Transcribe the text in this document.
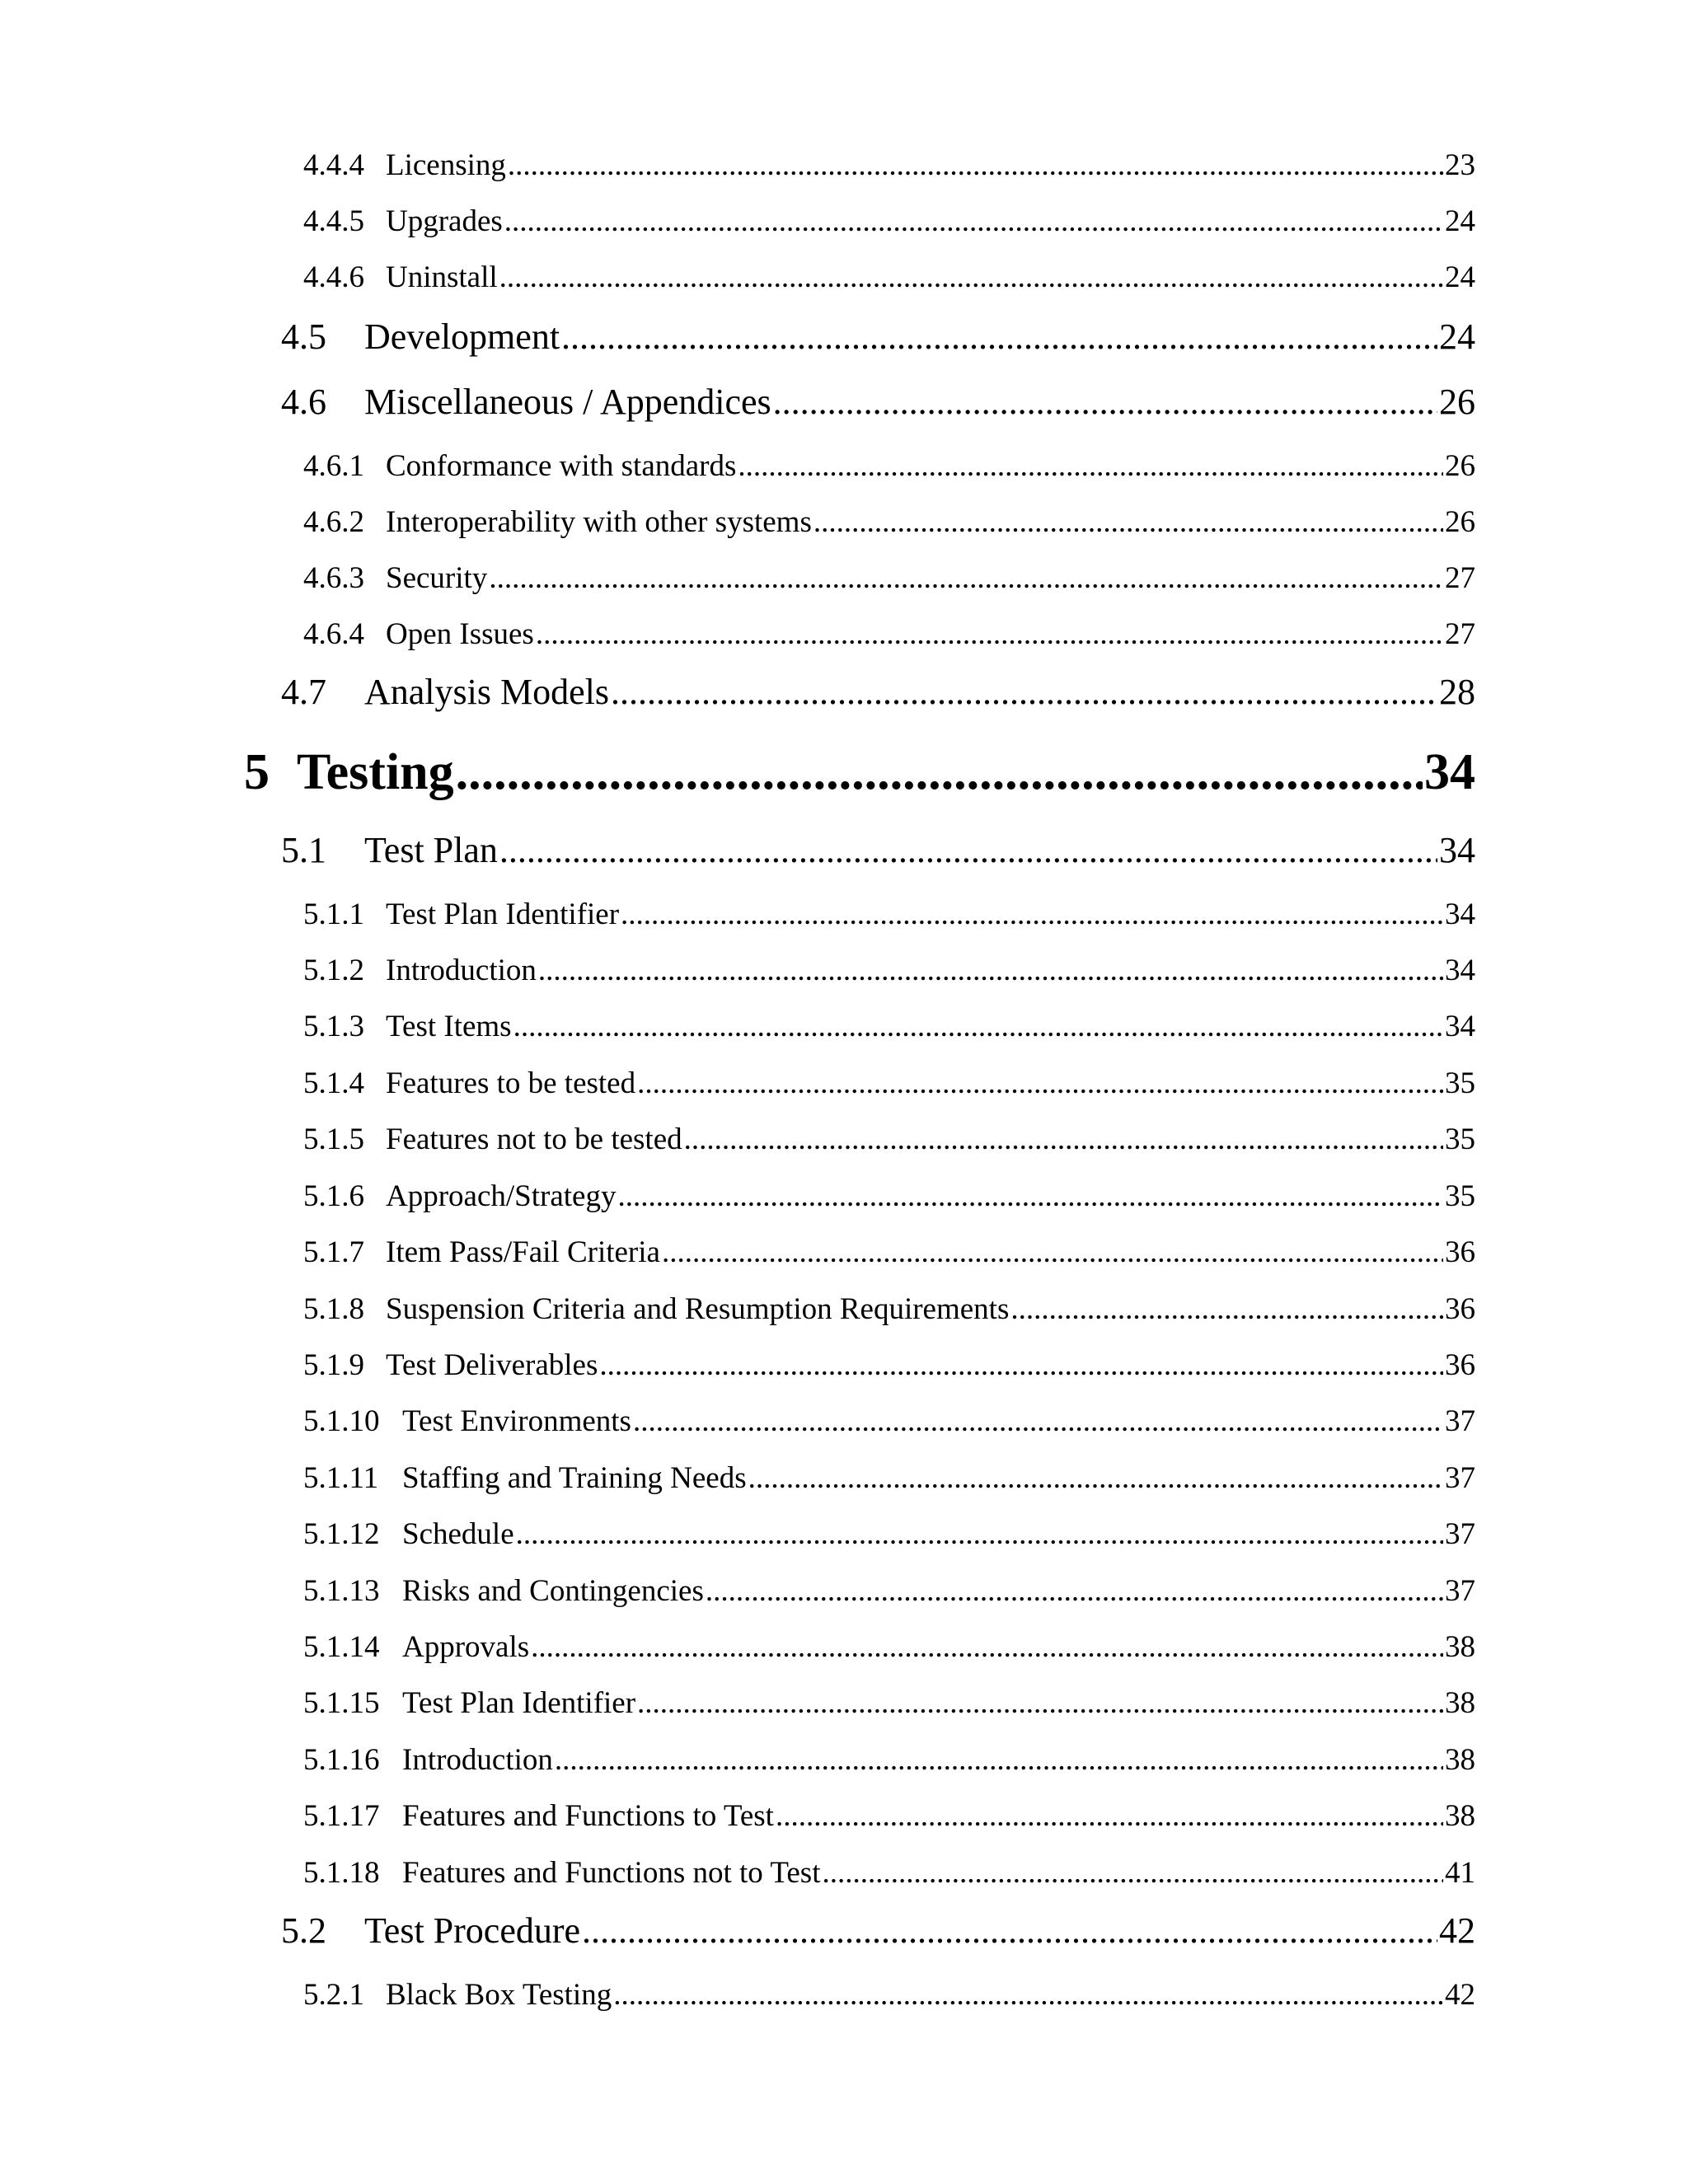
4.4.4 Licensing .....	23
4.4.5 Upgrades .....	24
4.4.6 Uninstall .....	24
4.5	Development .....	24
4.6	Miscellaneous / Appendices .....	26
4.6.1 Conformance with standards .....	26
4.6.2 Interoperability with other systems .....	26
4.6.3 Security .....	27
4.6.4 Open Issues .....	27
4.7	Analysis Models .....	28
5 Testing .....	34
5.1	Test Plan .....	34
5.1.1 Test Plan Identifier .....	34
5.1.2 Introduction .....	34
5.1.3 Test Items .....	34
5.1.4 Features to be tested .....	35
5.1.5 Features not to be tested .....	35
5.1.6 Approach/Strategy .....	35
5.1.7 Item Pass/Fail Criteria .....	36
5.1.8 Suspension Criteria and Resumption Requirements .....	36
5.1.9 Test Deliverables .....	36
5.1.10 Test Environments .....	37
5.1.11 Staffing and Training Needs .....	37
5.1.12 Schedule .....	37
5.1.13 Risks and Contingencies .....	37
5.1.14 Approvals .....	38
5.1.15 Test Plan Identifier .....	38
5.1.16 Introduction .....	38
5.1.17 Features and Functions to Test .....	38
5.1.18 Features and Functions not to Test .....	41
5.2	Test Procedure .....	42
5.2.1 Black Box Testing .....	42
